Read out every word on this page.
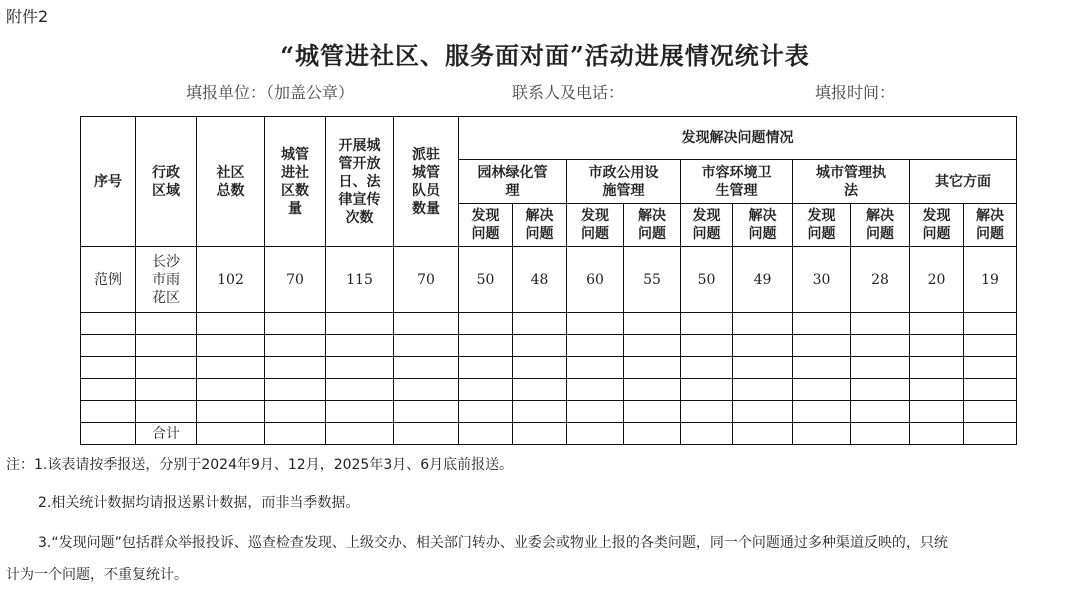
附件2
“城管进社区、服务面对面”活动进展情况统计表
填报单位：（加盖公章）	联系人及电话：	填报时间：
序号	行政区域	社区总数	城管进社区数量	开展城管开放日、法律宣传次数	派驻城管队员数量	发现解决问题情况									

						园林绿化管理		市政公用设施管理		市容环境卫生管理		城市管理执法		其它方面	

						发现问题	解决问题	发现问题	解决问题	发现问题	解决问题	发现问题	解决问题	发现问题	解决问题

范例	长沙市雨花区	102	70	115	70	50	48	60	55	50	49	30	28	20	19

	合计														
注：1.该表请按季报送，分别于2024年9月、12月，2025年3月、6月底前报送。
2.相关统计数据均请报送累计数据，而非当季数据。
3.“发现问题”包括群众举报投诉、巡查检查发现、上级交办、相关部门转办、业委会或物业上报的各类问题，同一个问题通过多种渠道反映的，只统
计为一个问题，不重复统计。
